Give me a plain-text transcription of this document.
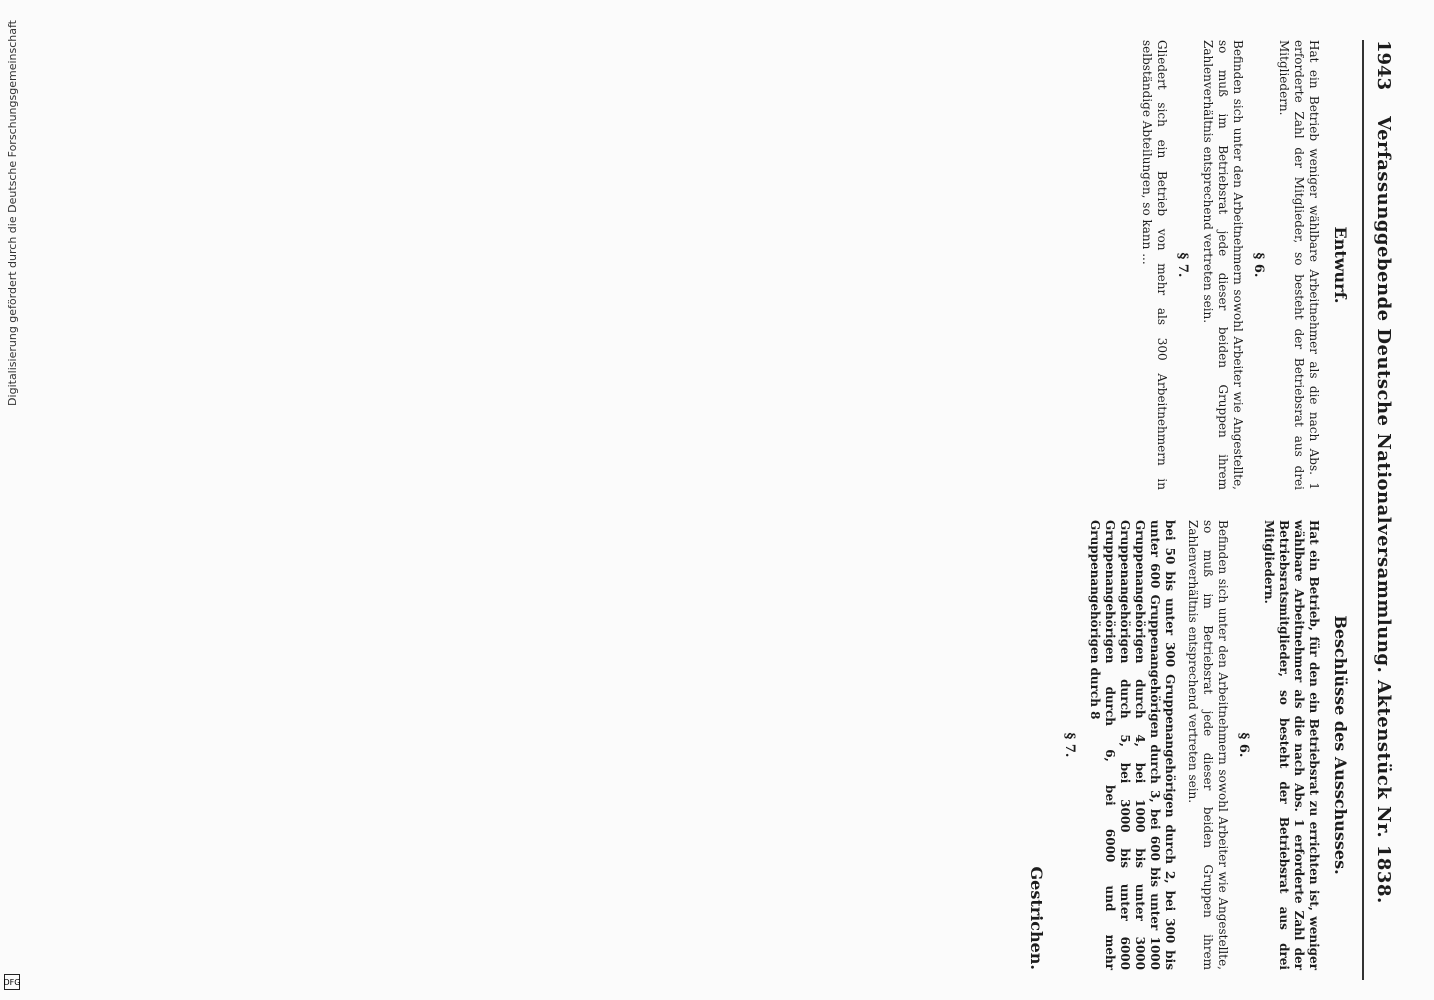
Digitalisierung gefördert durch die Deutsche Forschungsgemeinschaft
DFG
1943
Verfassunggebende Deutsche Nationalversammlung. Aktenstück Nr. 1838.
Entwurf.

Hat ein Betrieb weniger wählbare Arbeitnehmer als die nach Abs. 1 erforderte Zahl der Mitglieder, so besteht der Betriebsrat aus drei Mitgliedern.

§ 6.

Befinden sich unter den Arbeitnehmern sowohl Arbeiter wie Angestellte, so muß im Betriebsrat jede dieser beiden Gruppen ihrem Zahlenverhältnis entsprechend vertreten sein.

§ 7.

Gliedert sich ein Betrieb von mehr als 300 Arbeitnehmern in selbständige Abteilungen, so kann ...

Beschlüsse des Ausschusses.

Hat ein Betrieb, für den ein Betriebsrat zu errichten ist, weniger wählbare Arbeitnehmer als die nach Abs. 1 erforderte Zahl der Betriebsratsmitglieder, so besteht der Betriebsrat aus drei Mitgliedern.

§ 6.

Befinden sich unter den Arbeitnehmern sowohl Arbeiter wie Angestellte, so muß im Betriebsrat jede dieser beiden Gruppen ihrem Zahlenverhältnis entsprechend vertreten sein.

bei 50 bis unter 300 Gruppenangehörigen durch 2, bei 300 bis unter 600 Gruppenangehörigen durch 3, bei 600 bis unter 1000 Gruppenangehörigen durch 4, bei 1000 bis unter 3000 Gruppenangehörigen durch 5, bei 3000 bis unter 6000 Gruppenangehörigen durch 6, bei 6000 und mehr Gruppenangehörigen durch 8

§ 7.
Gestrichen.
